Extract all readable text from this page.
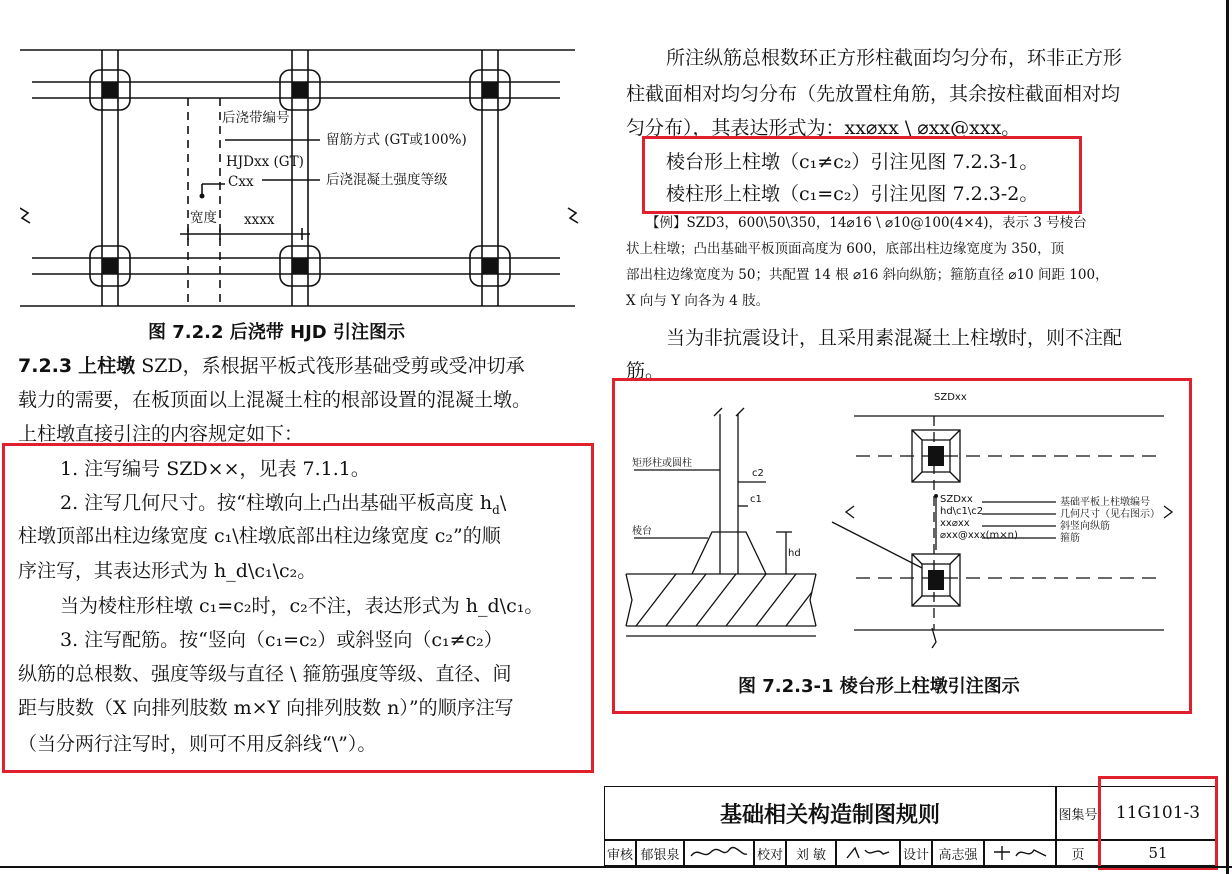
后浇带编号
留筋方式 (GT或100%)
HJDxx (GT)
Cxx	后浇混凝土强度等级
宽度 xxxx
图 7.2.2 后浇带 HJD 引注图示
7.2.3 上柱墩 SZD，系根据平板式筏形基础受剪或受冲切承
载力的需要，在板顶面以上混凝土柱的根部设置的混凝土墩。
上柱墩直接引注的内容规定如下：
1. 注写编号 SZD××，见表 7.1.1。
2. 注写几何尺寸。按“柱墩向上凸出基础平板高度 $h_d\backslash$
柱墩顶部出柱边缘宽度 c₁\柱墩底部出柱边缘宽度 c₂”的顺
序注写，其表达形式为 h_d\c₁\c₂。
当为棱柱形柱墩 c₁=c₂时，c₂不注，表达形式为 h_d\c₁。
3. 注写配筋。按“竖向（c₁=c₂）或斜竖向（c₁≠c₂）
纵筋的总根数、强度等级与直径 \ 箍筋强度等级、直径、间
距与肢数（X 向排列肢数 m×Y 向排列肢数 n）”的顺序注写
（当分两行注写时，则可不用反斜线“\”）。
所注纵筋总根数环正方形柱截面均匀分布，环非正方形
柱截面相对均匀分布（先放置柱角筋，其余按柱截面相对均
匀分布），其表达形式为：xx⌀xx \ ⌀xx@xxx。
棱台形上柱墩（c₁≠c₂）引注见图 7.2.3-1。
棱柱形上柱墩（c₁=c₂）引注见图 7.2.3-2。
【例】SZD3，600\50\350，14⌀16 \ ⌀10@100(4×4)，表示 3 号棱台
状上柱墩；凸出基础平板顶面高度为 600，底部出柱边缘宽度为 350，顶
部出柱边缘宽度为 50；共配置 14 根 ⌀16 斜向纵筋；箍筋直径 ⌀10 间距 100，
X 向与 Y 向各为 4 肢。
当为非抗震设计，且采用素混凝土上柱墩时，则不注配
筋。
SZDxx
矩形柱或圆柱
棱台
c2
c1
hd
SZDxx
hd\c1\c2
xx⌀xx
⌀xx@xxx(m×n)
基础平板上柱墩编号
几何尺寸（见右图示）
斜竖向纵筋
箍筋
图 7.2.3-1 棱台形上柱墩引注图示
基础相关构造制图规则	图集号 11G101-3
审核 郁银泉	校对 刘 敏	设计 高志强	页	51
